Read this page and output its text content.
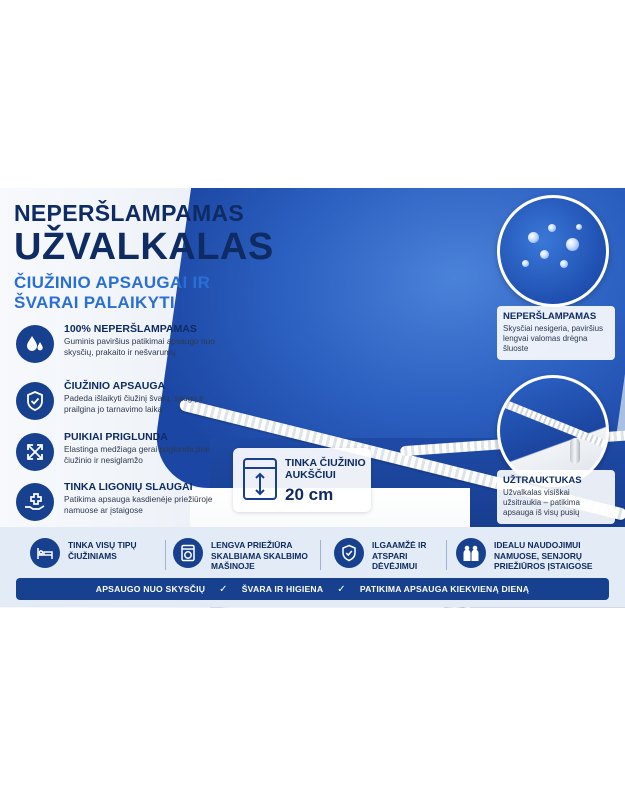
NEPERŠLAMPAMAS
UŽVALKALAS
ČIUŽINIO APSAUGAI IR ŠVARAI PALAIKYTI
100% NEPERŠLAMPAMAS
Guminis paviršius patikimai apsaugo nuo skysčių, prakaito ir nešvarumų
ČIUŽINIO APSAUGA
Padeda išlaikyti čiužinį švarų, saugų ir prailgina jo tarnavimo laiką
PUIKIAI PRIGLUNDA
Elastinga medžiaga gerai priglunda prie čiužinio ir nesiglamžo
TINKA LIGONIŲ SLAUGAI
Patikima apsauga kasdienėje priežiūroje namuose ar įstaigose
TINKA ČIUŽINIO AUKŠČIUI
20 cm
NEPERŠLAMPAMAS
Skysčiai nesigeria, paviršius lengvai valomas drėgna šluoste
UŽTRAUKTUKAS
Užvalkalas visiškai užsitraukia – patikima apsauga iš visų pusių
TINKA VISŲ TIPŲ ČIUŽINIAMS
LENGVA PRIEŽIŪRA SKALBIAMA SKALBIMO MAŠINOJE
ILGAAMŽĖ IR ATSPARI DĖVĖJIMUI
IDEALU NAUDOJIMUI NAMUOSE, SENJORŲ PRIEŽIŪROS ĮSTAIGOSE
APSAUGO NUO SKYSČIŲ ✓ ŠVARA IR HIGIENA ✓ PATIKIMA APSAUGA KIEKVIENĄ DIENĄ
